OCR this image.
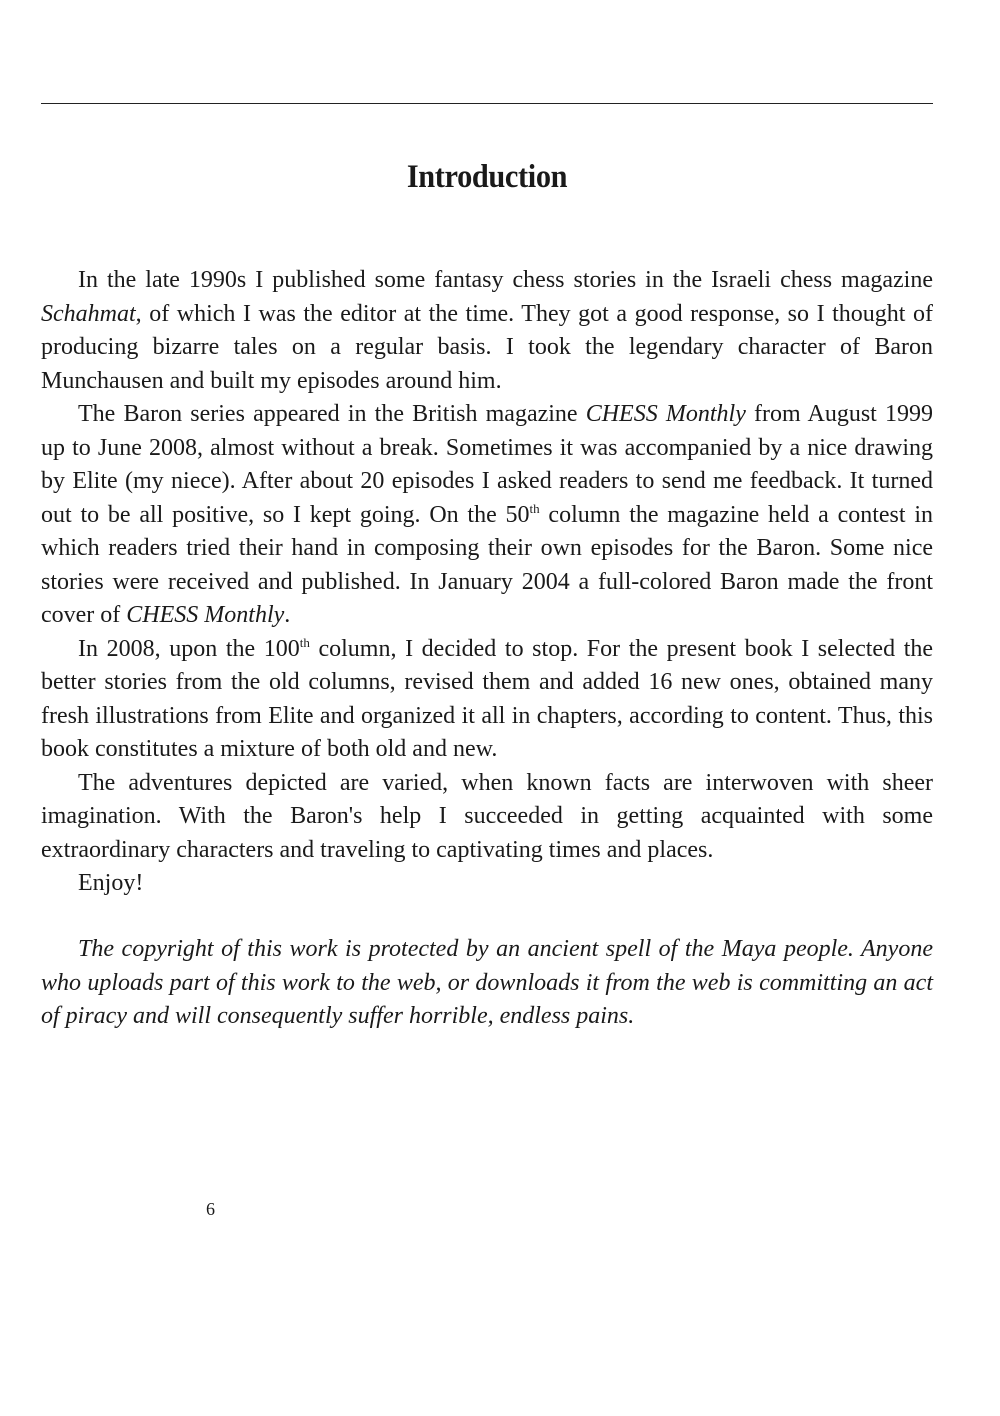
Introduction

In the late 1990s I published some fantasy chess stories in the Israeli chess magazine Schahmat, of which I was the editor at the time. They got a good response, so I thought of producing bizarre tales on a regular basis. I took the legendary character of Baron Munchausen and built my episodes around him.

The Baron series appeared in the British magazine CHESS Monthly from August 1999 up to June 2008, almost without a break. Sometimes it was accompanied by a nice drawing by Elite (my niece). After about 20 episodes I asked readers to send me feedback. It turned out to be all positive, so I kept going. On the 50th column the magazine held a contest in which readers tried their hand in composing their own episodes for the Baron. Some nice stories were received and published. In January 2004 a full-colored Baron made the front cover of CHESS Monthly.

In 2008, upon the 100th column, I decided to stop. For the present book I selected the better stories from the old columns, revised them and added 16 new ones, obtained many fresh illustrations from Elite and organized it all in chapters, according to content. Thus, this book constitutes a mixture of both old and new.

The adventures depicted are varied, when known facts are interwoven with sheer imagination. With the Baron's help I succeeded in getting acquainted with some extraordinary characters and traveling to captivating times and places.

Enjoy!

The copyright of this work is protected by an ancient spell of the Maya people. Anyone who uploads part of this work to the web, or downloads it from the web is committing an act of piracy and will consequently suffer horrible, endless pains.

6
